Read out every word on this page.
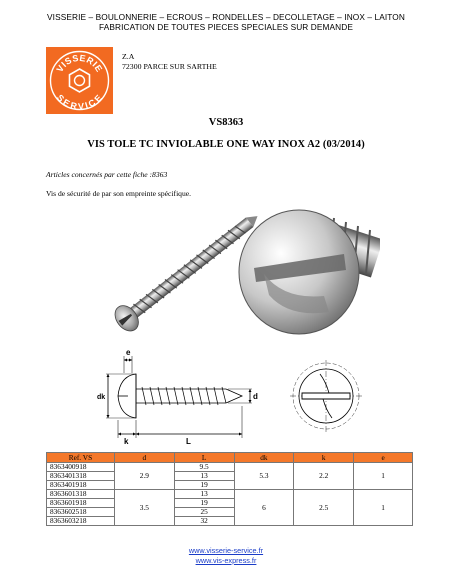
VISSERIE – BOULONNERIE – ECROUS – RONDELLES – DECOLLETAGE – INOX – LAITON
FABRICATION DE TOUTES PIECES SPECIALES SUR DEMANDE
VISSERIE
SERVICE
Z.A
72300 PARCE SUR SARTHE
VS8363
VIS TOLE TC INVIOLABLE ONE WAY INOX A2 (03/2014)
Articles concernés par cette fiche :8363
Vis de sécurité de par son empreinte spécifique.
e
dk	d
k	L
Ref. VS	d	L	dk	k	e
8363400918	2.9	9.5	5.3	2.2	1
8363401318		13			
8363401918		19			
8363601318	3.5	13	6	2.5	1
8363601918		19			
8363602518		25			
8363603218		32			
www.visserie-service.fr
www.vis-express.fr
